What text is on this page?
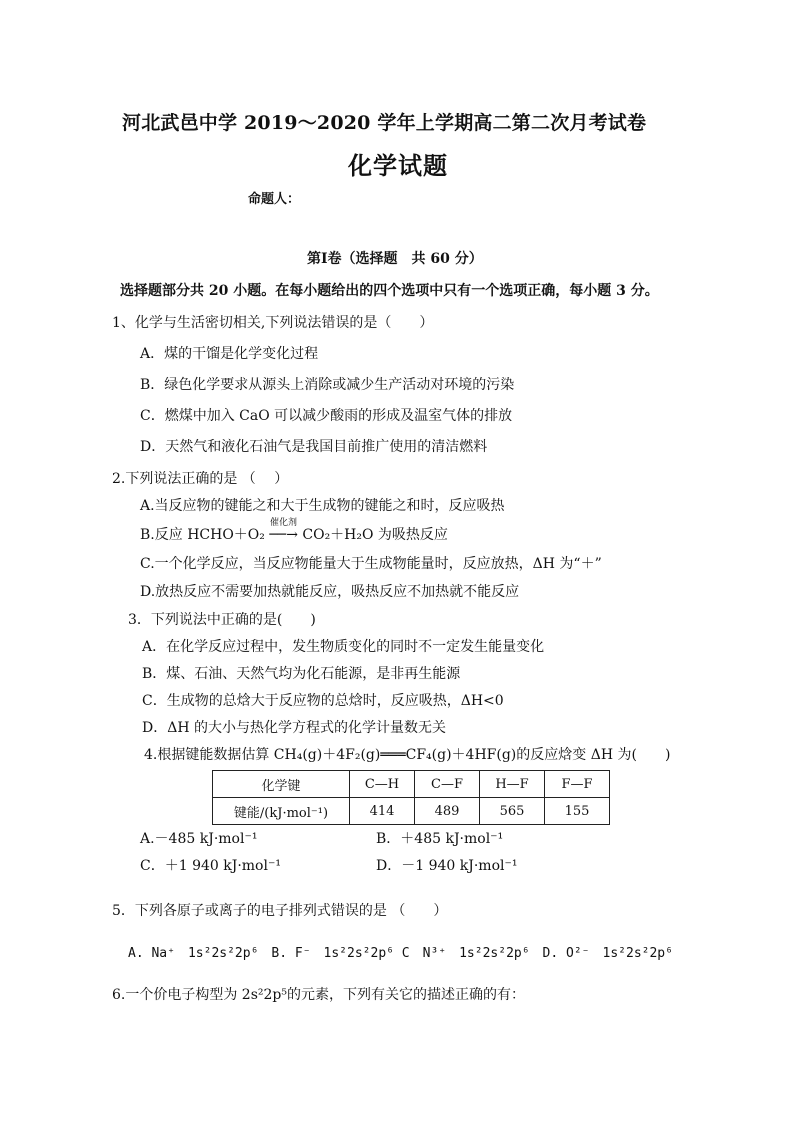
河北武邑中学 2019～2020 学年上学期高二第二次月考试卷
化学试题
命题人：
第Ⅰ卷（选择题　共 60 分）
选择题部分共 20 小题。在每小题给出的四个选项中只有一个选项正确，每小题 3 分。
1、化学与生活密切相关,下列说法错误的是（　　）
A．煤的干馏是化学变化过程
B．绿色化学要求从源头上消除或减少生产活动对环境的污染
C．燃煤中加入 CaO 可以减少酸雨的形成及温室气体的排放
D．天然气和液化石油气是我国目前推广使用的清洁燃料
2.下列说法正确的是 （　 ）
A.当反应物的键能之和大于生成物的键能之和时，反应吸热
催化剂
B.反应 HCHO＋O₂ ──→ CO₂＋H₂O 为吸热反应
C.一个化学反应，当反应物能量大于生成物能量时，反应放热，ΔH 为“＋”
D.放热反应不需要加热就能反应，吸热反应不加热就不能反应
3．下列说法中正确的是(　　)
A．在化学反应过程中，发生物质变化的同时不一定发生能量变化
B．煤、石油、天然气均为化石能源，是非再生能源
C．生成物的总焓大于反应物的总焓时，反应吸热，ΔH<0
D．ΔH 的大小与热化学方程式的化学计量数无关
4.根据键能数据估算 CH₄(g)＋4F₂(g)═══CF₄(g)＋4HF(g)的反应焓变 ΔH 为(　　)
化学键	C—H	C—F	H—F	F—F
键能/(kJ·mol⁻¹)	414	489	565	155
A.－485 kJ·mol⁻¹	B．＋485 kJ·mol⁻¹
C．＋1 940 kJ·mol⁻¹	D．－1 940 kJ·mol⁻¹
5．下列各原子或离子的电子排列式错误的是 （　　）
A. Na⁺　1s²2s²2p⁶　B. F⁻　1s²2s²2p⁶ C　N³⁺　1s²2s²2p⁶　D. O²⁻　1s²2s²2p⁶
6.一个价电子构型为 2s²2p⁵的元素，下列有关它的描述正确的有：
